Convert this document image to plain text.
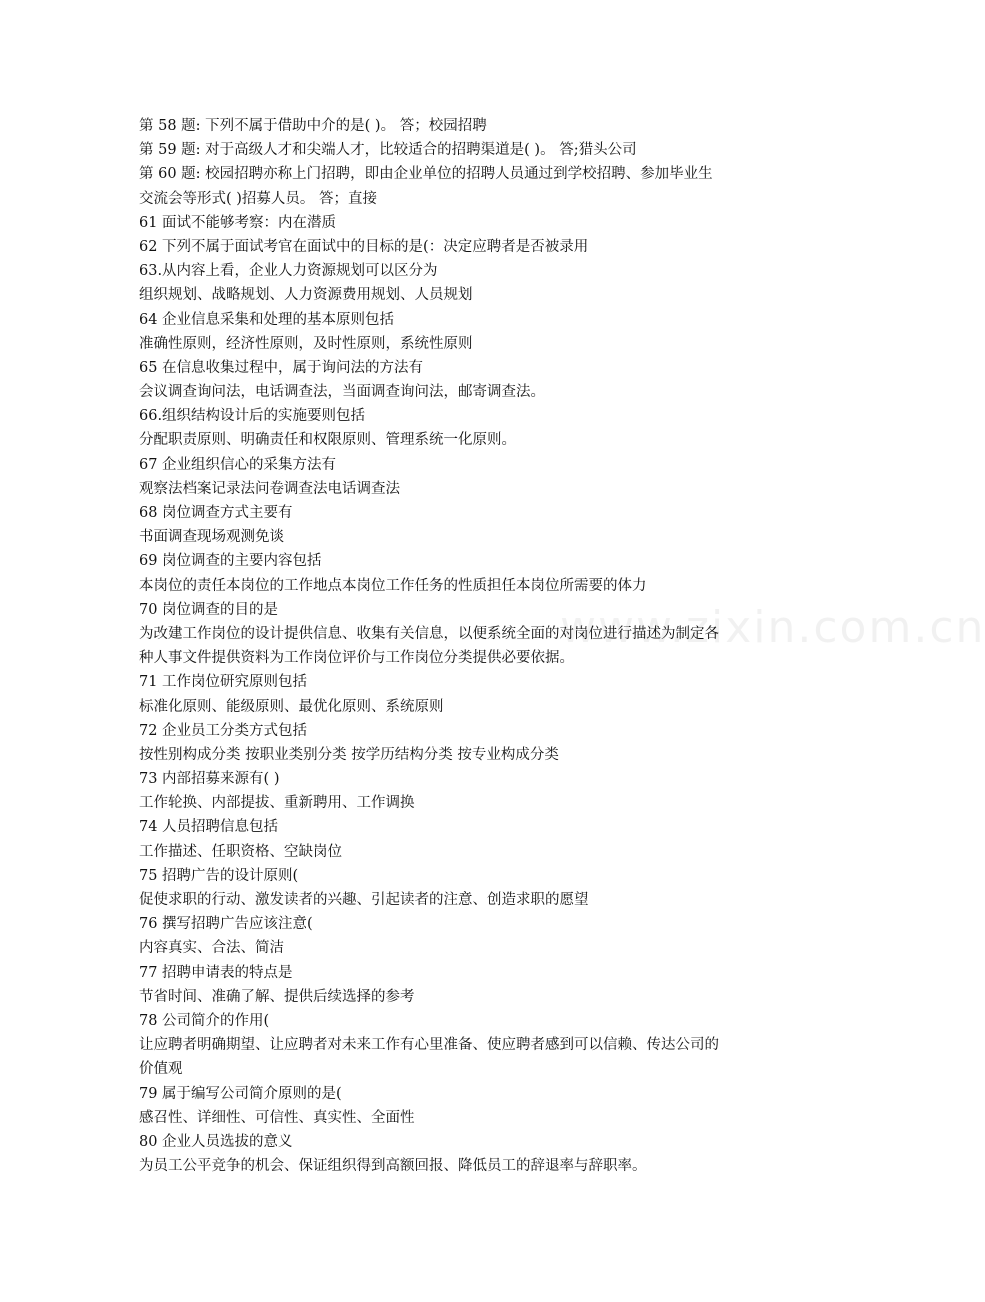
www.zixin.com.cn
第 58 题: 下列不属于借助中介的是( )。 答；校园招聘
第 59 题: 对于高级人才和尖端人才，比较适合的招聘渠道是( )。 答;猎头公司
第 60 题: 校园招聘亦称上门招聘，即由企业单位的招聘人员通过到学校招聘、参加毕业生
交流会等形式( )招募人员。 答；直接
61 面试不能够考察：内在潜质
62 下列不属于面试考官在面试中的目标的是(：决定应聘者是否被录用
63.从内容上看，企业人力资源规划可以区分为
组织规划、战略规划、人力资源费用规划、人员规划
64 企业信息采集和处理的基本原则包括
准确性原则，经济性原则，及时性原则，系统性原则
65 在信息收集过程中，属于询问法的方法有
会议调查询问法，电话调查法，当面调查询问法，邮寄调查法。
66.组织结构设计后的实施要则包括
分配职责原则、明确责任和权限原则、管理系统一化原则。
67 企业组织信心的采集方法有
观察法档案记录法问卷调查法电话调查法
68 岗位调查方式主要有
书面调查现场观测免谈
69 岗位调查的主要内容包括
本岗位的责任本岗位的工作地点本岗位工作任务的性质担任本岗位所需要的体力
70 岗位调查的目的是
为改建工作岗位的设计提供信息、收集有关信息，以便系统全面的对岗位进行描述为制定各
种人事文件提供资料为工作岗位评价与工作岗位分类提供必要依据。
71 工作岗位研究原则包括
标准化原则、能级原则、最优化原则、系统原则
72 企业员工分类方式包括
按性别构成分类 按职业类别分类 按学历结构分类 按专业构成分类
73 内部招募来源有( )
工作轮换、内部提拔、重新聘用、工作调换
74 人员招聘信息包括
工作描述、任职资格、空缺岗位
75 招聘广告的设计原则(
促使求职的行动、激发读者的兴趣、引起读者的注意、创造求职的愿望
76 撰写招聘广告应该注意(
内容真实、合法、简洁
77 招聘申请表的特点是
节省时间、准确了解、提供后续选择的参考
78 公司简介的作用(
让应聘者明确期望、让应聘者对未来工作有心里准备、使应聘者感到可以信赖、传达公司的
价值观
79 属于编写公司简介原则的是(
感召性、详细性、可信性、真实性、全面性
80 企业人员选拔的意义
为员工公平竞争的机会、保证组织得到高额回报、降低员工的辞退率与辞职率。
